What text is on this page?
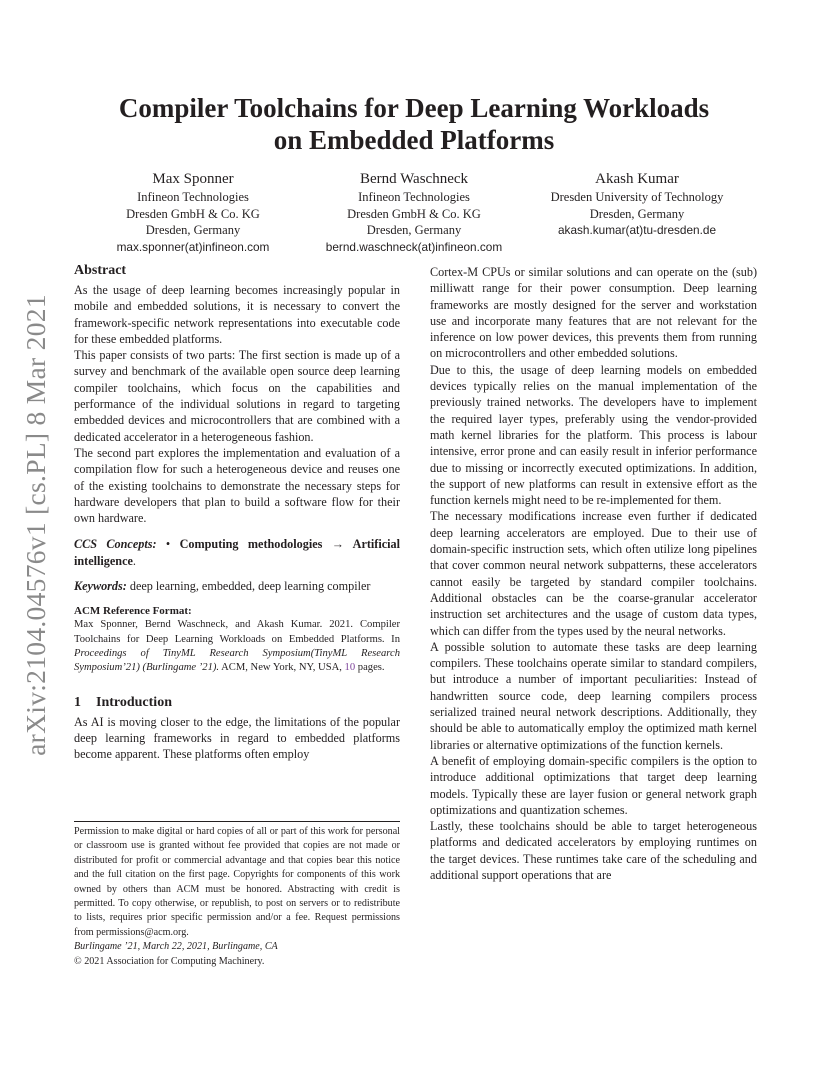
arXiv:2104.04576v1 [cs.PL] 8 Mar 2021
Compiler Toolchains for Deep Learning Workloads
on Embedded Platforms
Max Sponner
Infineon Technologies
Dresden GmbH & Co. KG
Dresden, Germany
max.sponner(at)infineon.com
Bernd Waschneck
Infineon Technologies
Dresden GmbH & Co. KG
Dresden, Germany
bernd.waschneck(at)infineon.com
Akash Kumar
Dresden University of Technology
Dresden, Germany
akash.kumar(at)tu-dresden.de
Abstract

As the usage of deep learning becomes increasingly popular in mobile and embedded solutions, it is necessary to convert the framework-specific network representations into executable code for these embedded platforms.

This paper consists of two parts: The first section is made up of a survey and benchmark of the available open source deep learning compiler toolchains, which focus on the capabilities and performance of the individual solutions in regard to targeting embedded devices and microcontrollers that are combined with a dedicated accelerator in a heterogeneous fashion.

The second part explores the implementation and evaluation of a compilation flow for such a heterogeneous device and reuses one of the existing toolchains to demonstrate the necessary steps for hardware developers that plan to build a software flow for their own hardware.

CCS Concepts: • Computing methodologies → Artificial intelligence.

Keywords: deep learning, embedded, deep learning compiler

ACM Reference Format:

Max Sponner, Bernd Waschneck, and Akash Kumar. 2021. Compiler Toolchains for Deep Learning Workloads on Embedded Platforms. In Proceedings of TinyML Research Symposium(TinyML Research Symposium’21) (Burlingame ’21). ACM, New York, NY, USA, 10 pages.

1 Introduction

As AI is moving closer to the edge, the limitations of the popular deep learning frameworks in regard to embedded platforms become apparent. These platforms often employ

Permission to make digital or hard copies of all or part of this work for personal or classroom use is granted without fee provided that copies are not made or distributed for profit or commercial advantage and that copies bear this notice and the full citation on the first page. Copyrights for components of this work owned by others than ACM must be honored. Abstracting with credit is permitted. To copy otherwise, or republish, to post on servers or to redistribute to lists, requires prior specific permission and/or a fee. Request permissions from permissions@acm.org.

Burlingame ’21, March 22, 2021, Burlingame, CA

© 2021 Association for Computing Machinery.

Cortex-M CPUs or similar solutions and can operate on the (sub) milliwatt range for their power consumption. Deep learning frameworks are mostly designed for the server and workstation use and incorporate many features that are not relevant for the inference on low power devices, this prevents them from running on microcontrollers and other embedded solutions.

Due to this, the usage of deep learning models on embedded devices typically relies on the manual implementation of the previously trained networks. The developers have to implement the required layer types, preferably using the vendor-provided math kernel libraries for the platform. This process is labour intensive, error prone and can easily result in inferior performance due to missing or incorrectly executed optimizations. In addition, the support of new platforms can result in extensive effort as the function kernels might need to be re-implemented for them.

The necessary modifications increase even further if dedicated deep learning accelerators are employed. Due to their use of domain-specific instruction sets, which often utilize long pipelines that cover common neural network subpatterns, these accelerators cannot easily be targeted by standard compiler toolchains. Additional obstacles can be the coarse-granular accelerator instruction set architectures and the usage of custom data types, which can differ from the types used by the neural networks.

A possible solution to automate these tasks are deep learning compilers. These toolchains operate similar to standard compilers, but introduce a number of important peculiarities: Instead of handwritten source code, deep learning compilers process serialized trained neural network descriptions. Additionally, they should be able to automatically employ the optimized math kernel libraries or alternative optimizations of the function kernels.

A benefit of employing domain-specific compilers is the option to introduce additional optimizations that target deep learning models. Typically these are layer fusion or general network graph optimizations and quantization schemes.

Lastly, these toolchains should be able to target heterogeneous platforms and dedicated accelerators by employing runtimes on the target devices. These runtimes take care of the scheduling and additional support operations that are
